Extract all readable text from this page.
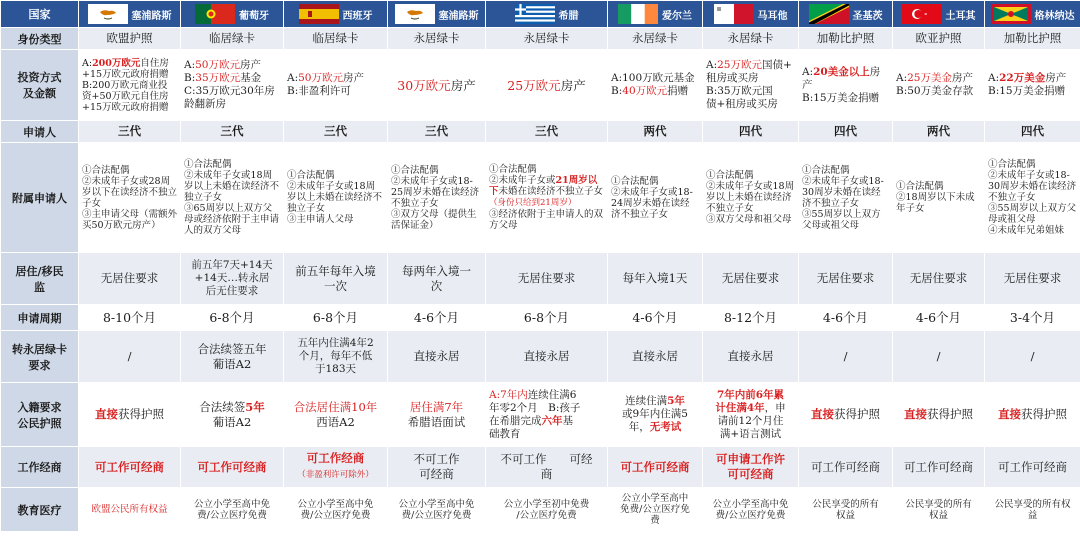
国家	塞浦路斯	葡萄牙	西班牙	塞浦路斯	希腊	爱尔兰	马耳他	圣基茨	土耳其	格林纳达

身份类型	欧盟护照	临居绿卡	临居绿卡	永居绿卡	永居绿卡	永居绿卡	永居绿卡	加勒比护照	欧亚护照	加勒比护照
投资方式
及金额	A:200万欧元自住房
+15万欧元政府捐赠
B:200万欧元商业投
资+50万欧元自住房
+15万欧元政府捐赠	A:50万欧元房产
B:35万欧元基金
C:35万欧元30年房
龄翻新房	A:50万欧元房产
B:非盈利许可	30万欧元房产	25万欧元房产	A:100万欧元基金
B:40万欧元捐赠	A:25万欧元国债+
租房或买房
B:35万欧元国
债+租房或买房	A:20美金以上房产
B:15万美金捐赠	A:25万美金房产
B:50万美金存款	A:22万美金房产
B:15万美金捐赠
申请人	三代	三代	三代	三代	三代	两代	四代	四代	两代	四代
附属申请人	①合法配偶
②未成年子女或28周岁以下在读经济不独立子女
③主申请父母（需额外买50万欧元房产）	①合法配偶
②未成年子女或18周岁以上未婚在读经济不独立子女
③65周岁以上双方父母或经济依附于主申请人的双方父母	①合法配偶
②未成年子女或18周岁以上未婚在读经济不独立子女
③主申请人父母	①合法配偶
②未成年子女或18-25周岁未婚在读经济不独立子女
③双方父母（提供生活保证金）	①合法配偶
②未成年子女或21周岁以下未婚在读经济不独立子女
（身份只给到21周岁）
③经济依附于主申请人的双方父母	①合法配偶
②未成年子女或18-24周岁未婚在读经济不独立子女	①合法配偶
②未成年子女或18周岁以上未婚在读经济不独立子女
③双方父母和祖父母	①合法配偶
②未成年子女或18-30周岁未婚在读经济不独立子女
③55周岁以上双方父母或祖父母	①合法配偶
②18周岁以下未成年子女	①合法配偶
②未成年子女或18-30周岁未婚在读经济不独立子女
③55周岁以上双方父母或祖父母
④未成年兄弟姐妹
居住/移民
监	无居住要求	前五年7天+14天
+14天…转永居
后无住要求	前五年每年入境
一次	每两年入境一
次	无居住要求	每年入境1天	无居住要求	无居住要求	无居住要求	无居住要求
申请周期	8-10个月	6-8个月	6-8个月	4-6个月	6-8个月	4-6个月	8-12个月	4-6个月	4-6个月	3-4个月
转永居绿卡
要求	/	合法续签五年
葡语A2	五年内住满4年2
个月，每年不低
于183天	直接永居	直接永居	直接永居	直接永居	/	/	/
入籍要求
公民护照	直接获得护照	合法续签5年
葡语A2	合法居住满10年
西语A2	居住满7年
希腊语面试	A:7年内连续住满6
年零2个月　B:孩子
在希腊完成六年基
础教育	连续住满5年
或9年内住满5
年，无考试	7年内前6年累
计住满4年，申
请前12个月住
满+语言测试	直接获得护照	直接获得护照	直接获得护照
工作经商	可工作可经商	可工作可经商	可工作经商
（非盈利许可除外）	不可工作
可经商	不可工作　　可经
商	可工作可经商	可申请工作许
可可经商	可工作可经商	可工作可经商	可工作可经商
教育医疗	欧盟公民所有权益	公立小学至高中免
费/公立医疗免费	公立小学至高中免
费/公立医疗免费	公立小学至高中免
费/公立医疗免费	公立小学至初中免费
/公立医疗免费	公立小学至高中
免费/公立医疗免
费	公立小学至高中免
费/公立医疗免费	公民享受的所有
权益	公民享受的所有
权益	公民享受的所有权
益
